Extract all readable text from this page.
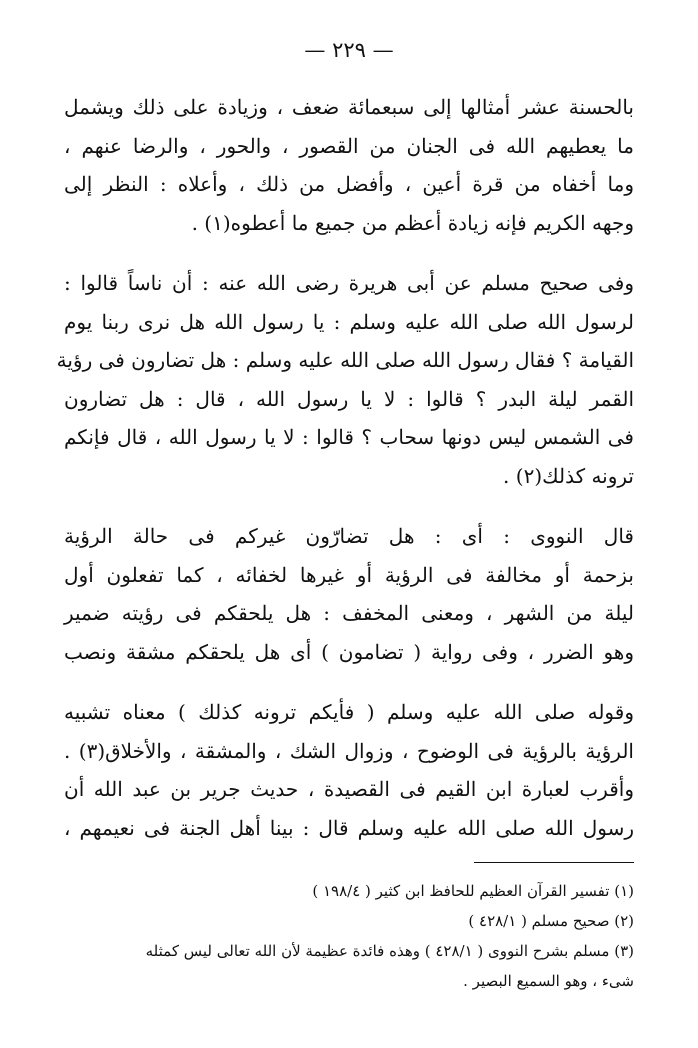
— ٢٢٩ —

بالحسنة عشر أمثالها إلى سبعمائة ضعف ، وزيادة على ذلك ويشمل
ما يعطيهم الله فى الجنان من القصور ، والحور ، والرضا عنهم ،
وما أخفاه من قرة أعين ، وأفضل من ذلك ، وأعلاه : النظر إلى
وجهه الكريم فإنه زيادة أعظم من جميع ما أعطوه(١) .

وفى صحيح مسلم عن أبى هريرة رضى الله عنه : أن ناساً قالوا :
لرسول الله صلى الله عليه وسلم : يا رسول الله هل نرى ربنا يوم
القيامة ؟ فقال رسول الله صلى الله عليه وسلم : هل تضارون فى رؤية
القمر ليلة البدر ؟ قالوا : لا يا رسول الله ، قال : هل تضارون
فى الشمس ليس دونها سحاب ؟ قالوا : لا يا رسول الله ، قال فإنكم
ترونه كذلك(٢) .

قال النووى : أى : هل تضارّون غيركم فى حالة الرؤية
بزحمة أو مخالفة فى الرؤية أو غيرها لخفائه ، كما تفعلون أول
ليلة من الشهر ، ومعنى المخفف : هل يلحقكم فى رؤيته ضمير
وهو الضرر ، وفى رواية ( تضامون ) أى هل يلحقكم مشقة ونصب

وقوله صلى الله عليه وسلم ( فأيكم ترونه كذلك ) معناه تشبيه
الرؤية بالرؤية فى الوضوح ، وزوال الشك ، والمشقة ، والأخلاق(٣) .
وأقرب لعبارة ابن القيم فى القصيدة ، حديث جرير بن عبد الله أن
رسول الله صلى الله عليه وسلم قال : بينا أهل الجنة فى نعيمهم ،

(١) تفسير القرآن العظيم للحافظ ابن كثير ( ١٩٨/٤ )
(٢) صحيح مسلم ( ٤٢٨/١ )
(٣) مسلم بشرح النووى ( ٤٢٨/١ ) وهذه فائدة عظيمة لأن الله تعالى ليس كمثله
شىء ، وهو السميع البصير .
